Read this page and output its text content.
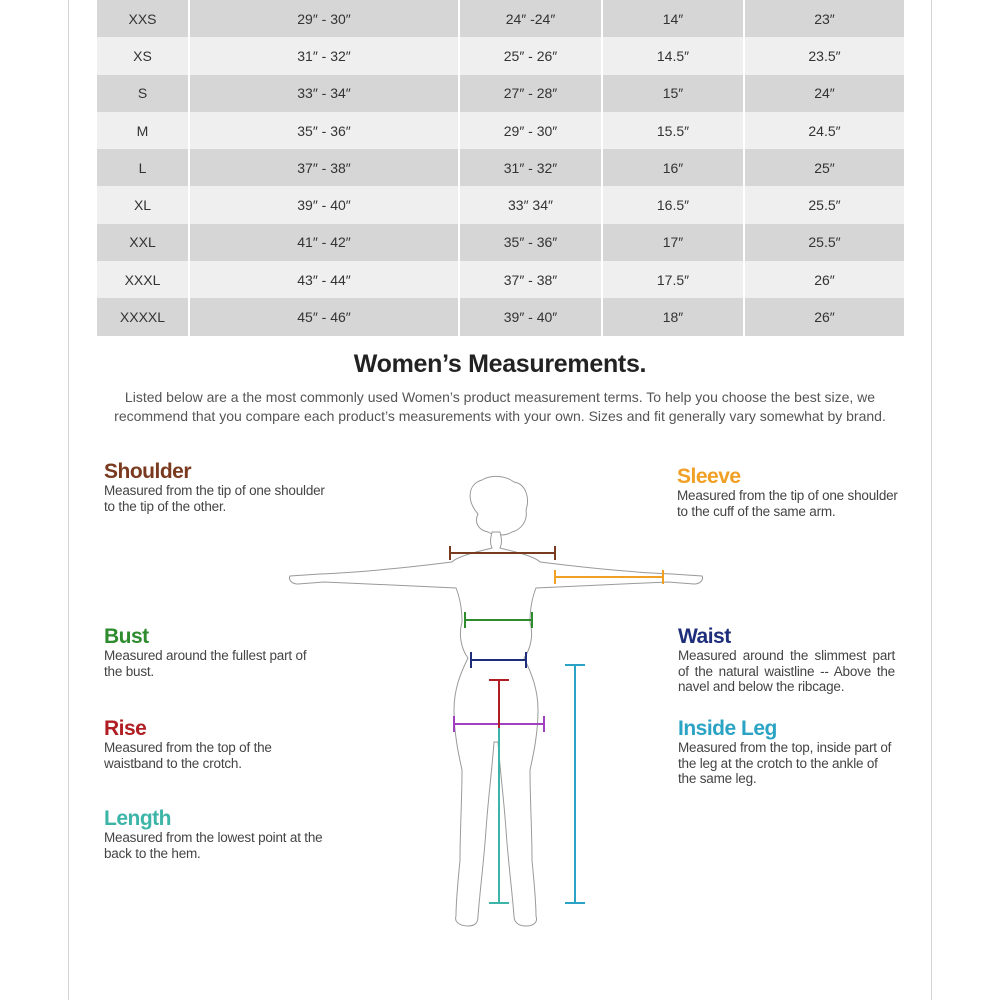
XXS	29″ - 30″	24″ -24″	14″	23″
XS	31″ - 32″	25″ - 26″	14.5″	23.5″
S	33″ - 34″	27″ - 28″	15″	24″
M	35″ - 36″	29″ - 30″	15.5″	24.5″
L	37″ - 38″	31″ - 32″	16″	25″
XL	39″ - 40″	33″ 34″	16.5″	25.5″
XXL	41″ - 42″	35″ - 36″	17″	25.5″
XXXL	43″ - 44″	37″ - 38″	17.5″	26″
XXXXL	45″ - 46″	39″ - 40″	18″	26″
Women’s Measurements.
Listed below are a the most commonly used Women’s product measurement terms. To help you choose the best size, we recommend that you compare each product’s measurements with your own. Sizes and fit generally vary somewhat by brand.
Shoulder
Measured from the tip of one shoulder to the tip of the other.
Sleeve
Measured from the tip of one shoulder to the cuff of the same arm.
Bust
Measured around the fullest part of the bust.
Waist
Measured around the slimmest part of the natural waistline -- Above the navel and below the ribcage.
Rise
Measured from the top of the waistband to the crotch.
Inside Leg
Measured from the top, inside part of the leg at the crotch to the ankle of the same leg.
Length
Measured from the lowest point at the back to the hem.
